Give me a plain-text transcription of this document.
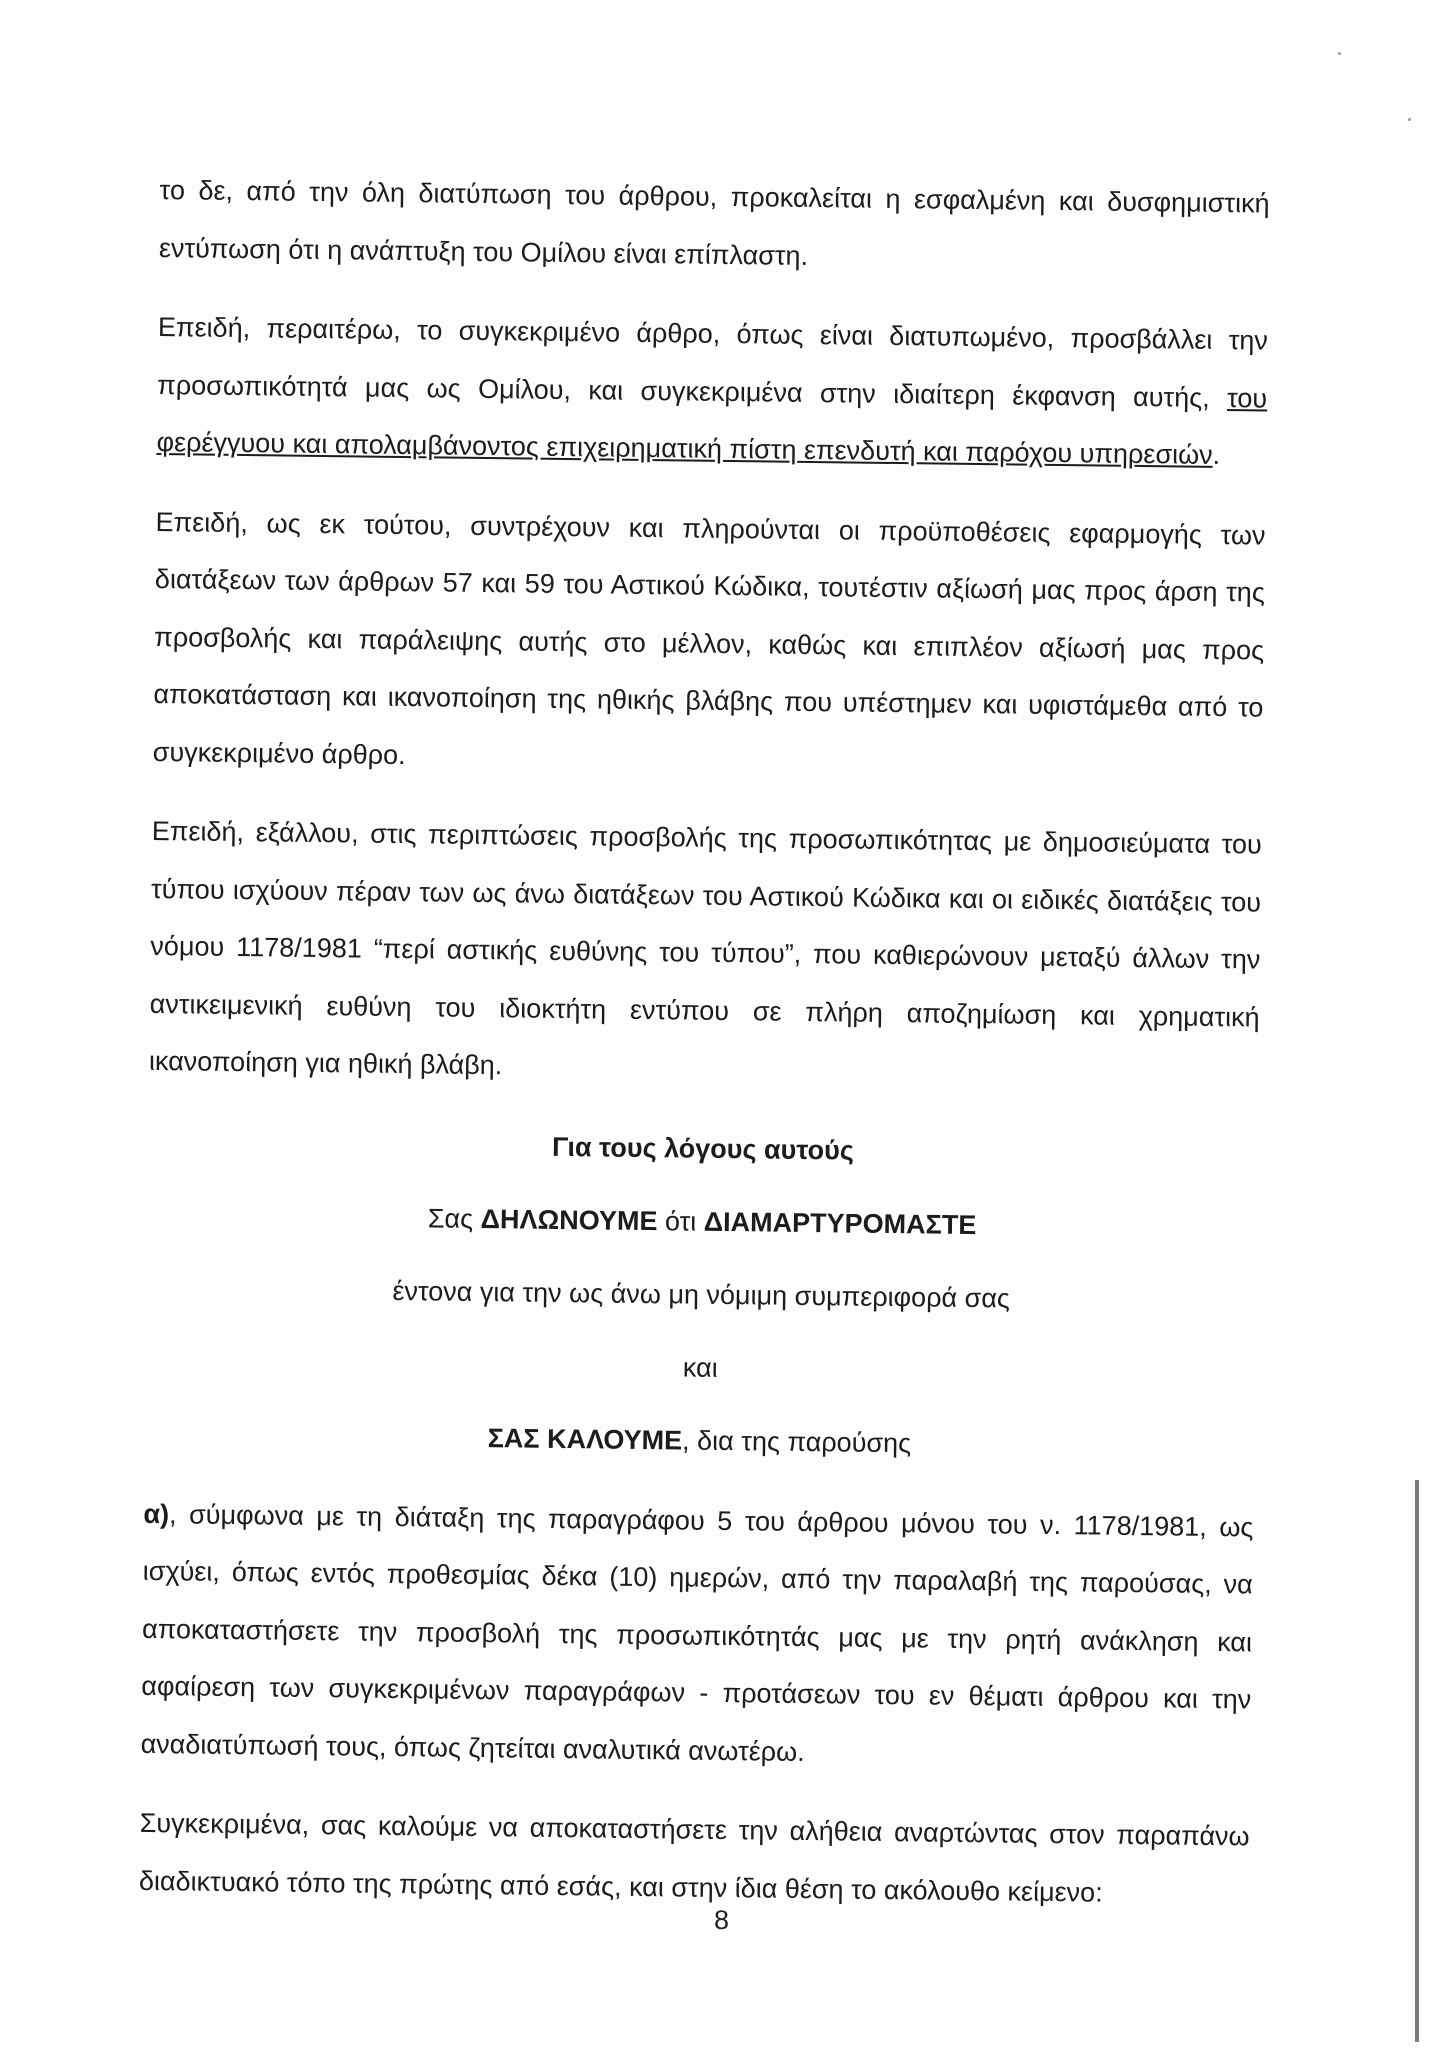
το δε, από την όλη διατύπωση του άρθρου, προκαλείται η εσφαλμένη και δυσφημιστική εντύπωση ότι η ανάπτυξη του Ομίλου είναι επίπλαστη.

Επειδή, περαιτέρω, το συγκεκριμένο άρθρο, όπως είναι διατυπωμένο, προσβάλλει την προσωπικότητά μας ως Ομίλου, και συγκεκριμένα στην ιδιαίτερη έκφανση αυτής, του φερέγγυου και απολαμβάνοντος επιχειρηματική πίστη επενδυτή και παρόχου υπηρεσιών.

Επειδή, ως εκ τούτου, συντρέχουν και πληρούνται οι προϋποθέσεις εφαρμογής των διατάξεων των άρθρων 57 και 59 του Αστικού Κώδικα, τουτέστιν αξίωσή μας προς άρση της προσβολής και παράλειψης αυτής στο μέλλον, καθώς και επιπλέον αξίωσή μας προς αποκατάσταση και ικανοποίηση της ηθικής βλάβης που υπέστημεν και υφιστάμεθα από το συγκεκριμένο άρθρο.

Επειδή, εξάλλου, στις περιπτώσεις προσβολής της προσωπικότητας με δημοσιεύματα του τύπου ισχύουν πέραν των ως άνω διατάξεων του Αστικού Κώδικα και οι ειδικές διατάξεις του νόμου 1178/1981 “περί αστικής ευθύνης του τύπου”, που καθιερώνουν μεταξύ άλλων την αντικειμενική ευθύνη του ιδιοκτήτη εντύπου σε πλήρη αποζημίωση και χρηματική ικανοποίηση για ηθική βλάβη.

Για τους λόγους αυτούς

Σας ΔΗΛΩΝΟΥΜΕ ότι ΔΙΑΜΑΡΤΥΡΟΜΑΣΤΕ

έντονα για την ως άνω μη νόμιμη συμπεριφορά σας

και

ΣΑΣ ΚΑΛΟΥΜΕ, δια της παρούσης

α), σύμφωνα με τη διάταξη της παραγράφου 5 του άρθρου μόνου του ν. 1178/1981, ως ισχύει, όπως εντός προθεσμίας δέκα (10) ημερών, από την παραλαβή της παρούσας, να αποκαταστήσετε την προσβολή της προσωπικότητάς μας με την ρητή ανάκληση και αφαίρεση των συγκεκριμένων παραγράφων - προτάσεων του εν θέματι άρθρου και την αναδιατύπωσή τους, όπως ζητείται αναλυτικά ανωτέρω.

Συγκεκριμένα, σας καλούμε να αποκαταστήσετε την αλήθεια αναρτώντας στον παραπάνω διαδικτυακό τόπο της πρώτης από εσάς, και στην ίδια θέση το ακόλουθο κείμενο:

8
